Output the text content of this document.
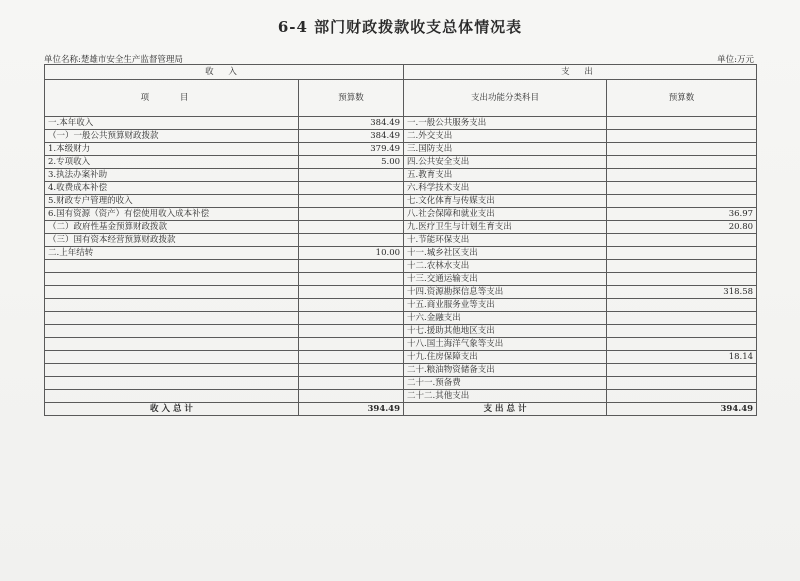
6-4 部门财政拨款收支总体情况表
单位名称:楚雄市安全生产监督管理局	单位:万元
收 入		支 出	
项 目	预算数	支出功能分类科目	预算数
一.本年收入	384.49	一.一般公共服务支出	
（一）一般公共预算财政拨款	384.49	二.外交支出	
1.本级财力	379.49	三.国防支出	
2.专项收入	5.00	四.公共安全支出	
3.执法办案补助		五.教育支出	
4.收费成本补偿		六.科学技术支出	
5.财政专户管理的收入		七.文化体育与传媒支出	
6.国有资源（资产）有偿使用收入成本补偿		八.社会保障和就业支出	36.97
（二）政府性基金预算财政拨款		九.医疗卫生与计划生育支出	20.80
（三）国有资本经营预算财政拨款		十.节能环保支出	
二.上年结转	10.00	十一.城乡社区支出	
		十二.农林水支出	
		十三.交通运输支出	
		十四.资源勘探信息等支出	318.58
		十五.商业服务业等支出	
		十六.金融支出	
		十七.援助其他地区支出	
		十八.国土海洋气象等支出	
		十九.住房保障支出	18.14
		二十.粮油物资储备支出	
		二十一.预备费	
		二十二.其他支出	
收 入 总 计	394.49	支 出 总 计	394.49
